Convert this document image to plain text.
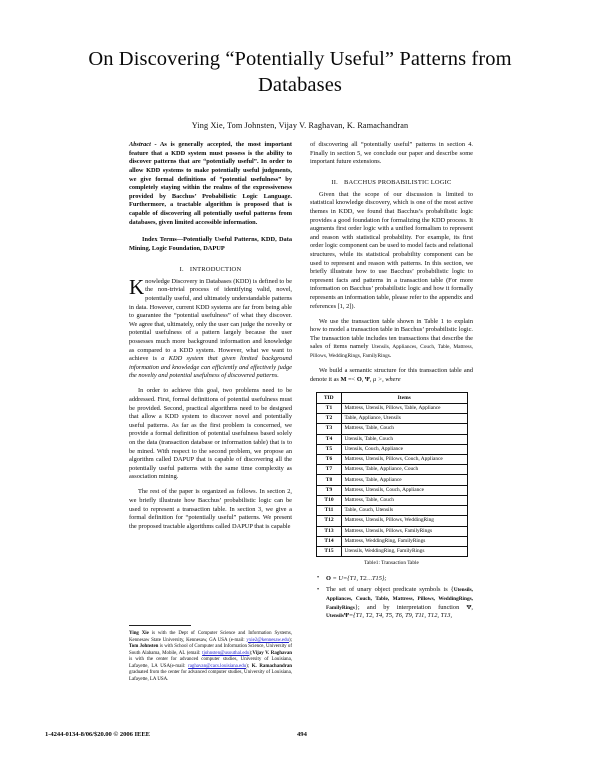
On Discovering “Potentially Useful” Patterns from Databases
Ying Xie, Tom Johnsten, Vijay V. Raghavan, K. Ramachandran
Abstract - As is generally accepted, the most important feature that a KDD system must possess is the ability to discover patterns that are “potentially useful”. In order to allow KDD systems to make potentially useful judgments, we give formal definitions of “potential usefulness” by completely staying within the realms of the expressiveness provided by Bacchus’ Probabilistic Logic Language. Furthermore, a tractable algorithm is proposed that is capable of discovering all potentially useful patterns from databases, given limited accessible information.
Index Terms—Potentially Useful Patterns, KDD, Data Mining, Logic Foundation, DAPUP
I. INTRODUCTION
Knowledge Discovery in Databases (KDD) is defined to be the non-trivial process of identifying valid, novel, potentially useful, and ultimately understandable patterns in data. However, current KDD systems are far from being able to guarantee the “potential usefulness” of what they discover. We agree that, ultimately, only the user can judge the novelty or potential usefulness of a pattern largely because the user possesses much more background information and knowledge as compared to a KDD system. However, what we want to achieve is a KDD system that given limited background information and knowledge can efficiently and effectively judge the novelty and potential usefulness of discovered patterns.

In order to achieve this goal, two problems need to be addressed. First, formal definitions of potential usefulness must be provided. Second, practical algorithms need to be designed that allow a KDD system to discover novel and potentially useful patterns. As far as the first problem is concerned, we provide a formal definition of potential usefulness based solely on the data (transaction database or information table) that is to be mined. With respect to the second problem, we propose an algorithm called DAPUP that is capable of discovering all the potentially useful patterns with the same time complexity as association mining.

The rest of the paper is organized as follows. In section 2, we briefly illustrate how Bacchus’ probabilistic logic can be used to represent a transaction table. In section 3, we give a formal definition for “potentially useful” patterns. We present the proposed tractable algorithms called DAPUP that is capable

of discovering all “potentially useful” patterns in section 4. Finally in section 5, we conclude our paper and describe some important future extensions.

II. BACCHUS PROBABILISTIC LOGIC

Given that the scope of our discussion is limited to statistical knowledge discovery, which is one of the most active themes in KDD, we found that Bacchus’s probabilistic logic provides a good foundation for formalizing the KDD process. It augments first order logic with a unified formalism to represent and reason with statistical probability. For example, its first order logic component can be used to model facts and relational structures, while its statistical probability component can be used to represent and reason with patterns. In this section, we briefly illustrate how to use Bacchus’ probabilistic logic to represent facts and patterns in a transaction table (For more information on Bacchus’ probabilistic logic and how it formally represents an information table, please refer to the appendix and references [1, 2]).

We use the transaction table shown in Table 1 to explain how to model a transaction table in Bacchus’ probabilistic logic. The transaction table includes ten transactions that describe the sales of items namely Utensils, Appliances, Couch, Table, Mattress, Pillows, WeddingRings, FamilyRings.

We build a semantic structure for this transaction table and denote it as M =< O, Ψ, μ >, where

TID	Items
T1	Mattress, Utensils, Pillows, Table, Appliance
T2	Table, Appliance, Utensils
T3	Mattress, Table, Couch
T4	Utensils, Table, Couch
T5	Utensils, Couch, Appliance
T6	Mattress, Utensils, Pillows, Couch, Appliance
T7	Mattress, Table, Appliance, Couch
T8	Mattress, Table, Appliance
T9	Mattress, Utensils, Couch, Appliance
T10	Mattress, Table, Couch
T11	Table, Couch, Utensils
T12	Mattress, Utensils, Pillows, WeddingRing
T13	Mattress, Utensils, Pillows, FamilyRings
T14	Mattress, WeddingRing, FamilyRings
T15	Utensils, WeddingRing, FamilyRings
Table1: Transaction Table
• O = U={T1, T2…T15};
• The set of unary object predicate symbols is {Utensils, Appliances, Couch, Table, Mattress, Pillows, WeddingRings, FamilyRings}; and by interpretation function Ψ, UtensilsΨ={T1, T2, T4, T5, T6, T9, T11, T12, T13,
Ying Xie is with the Dept of Computer Science and Information Systems, Kennesaw State University, Kennesaw, GA USA (e-mail: yxie2@kennesaw.edu); Tom Johnsten is with School of Computer and Information Science, University of South Alabama, Mobile, AL (email: tjohnsten@usouthal.edu);Vijay V. Raghavan is with the center for advanced computer studies, University of Louisiana, Lafayette, LA USA(e-mail: raghavan@cacs.louisiana.edu); K. Ramachandran graduated from the center for advanced computer studies, University of Louisiana, Lafayette, LA USA.
1-4244-0134-8/06/$20.00 © 2006 IEEE	494
